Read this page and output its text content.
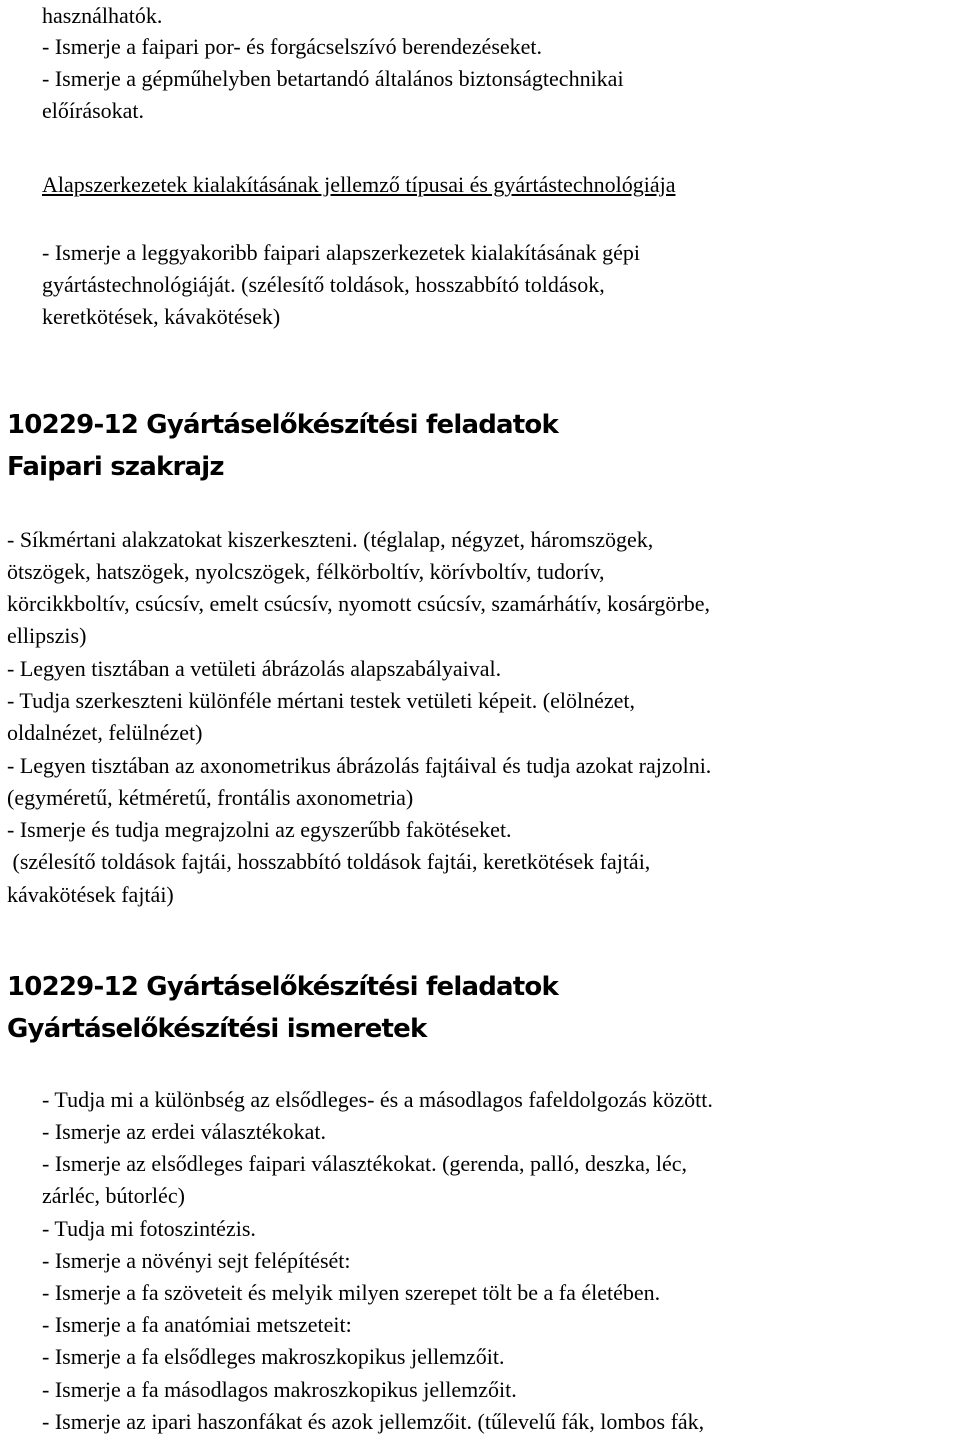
használhatók.
- Ismerje a faipari por- és forgácselszívó berendezéseket.
- Ismerje a gépműhelyben betartandó általános biztonságtechnikai
előírásokat.
Alapszerkezetek kialakításának jellemző típusai és gyártástechnológiája
- Ismerje a leggyakoribb faipari alapszerkezetek kialakításának gépi
gyártástechnológiáját. (szélesítő toldások, hosszabbító toldások,
keretkötések, kávakötések)
10229-12 Gyártáselőkészítési feladatok
Faipari szakrajz
- Síkmértani alakzatokat kiszerkeszteni. (téglalap, négyzet, háromszögek,
ötszögek, hatszögek, nyolcszögek, félkörboltív, körívboltív, tudorív,
körcikkboltív, csúcsív, emelt csúcsív, nyomott csúcsív, szamárhátív, kosárgörbe,
ellipszis)
- Legyen tisztában a vetületi ábrázolás alapszabályaival.
- Tudja szerkeszteni különféle mértani testek vetületi képeit. (elölnézet,
oldalnézet, felülnézet)
- Legyen tisztában az axonometrikus ábrázolás fajtáival és tudja azokat rajzolni.
(egyméretű, kétméretű, frontális axonometria)
- Ismerje és tudja megrajzolni az egyszerűbb fakötéseket.
(szélesítő toldások fajtái, hosszabbító toldások fajtái, keretkötések fajtái,
kávakötések fajtái)
10229-12 Gyártáselőkészítési feladatok
Gyártáselőkészítési ismeretek
- Tudja mi a különbség az elsődleges- és a másodlagos fafeldolgozás között.
- Ismerje az erdei választékokat.
- Ismerje az elsődleges faipari választékokat. (gerenda, palló, deszka, léc,
zárléc, bútorléc)
- Tudja mi fotoszintézis.
- Ismerje a növényi sejt felépítését:
- Ismerje a fa szöveteit és melyik milyen szerepet tölt be a fa életében.
- Ismerje a fa anatómiai metszeteit:
- Ismerje a fa elsődleges makroszkopikus jellemzőit.
- Ismerje a fa másodlagos makroszkopikus jellemzőit.
- Ismerje az ipari haszonfákat és azok jellemzőit. (tűlevelű fák, lombos fák,
